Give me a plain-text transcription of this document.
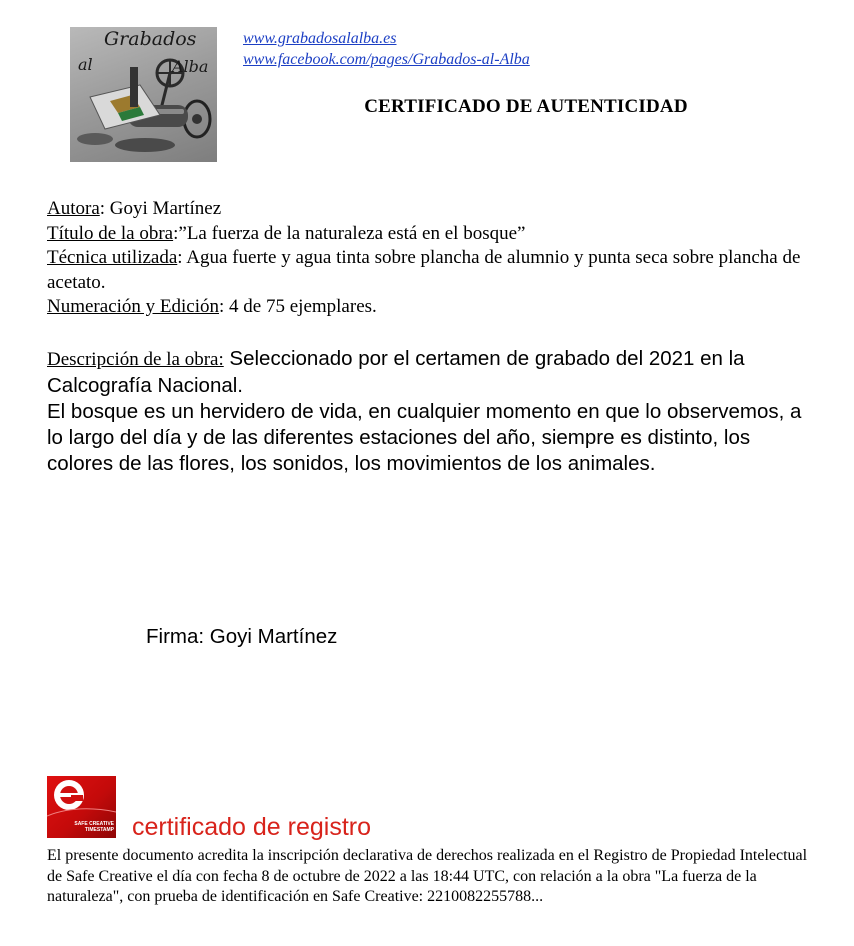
Grabados
al	Alba
www.grabadosalalba.es
www.facebook.com/pages/Grabados-al-Alba
CERTIFICADO DE AUTENTICIDAD
Autora: Goyi Martínez
Título de la obra:”La fuerza de la naturaleza está en el bosque”
Técnica utilizada: Agua fuerte y agua tinta sobre plancha de alumnio y punta seca sobre plancha de acetato.
Numeración y Edición: 4 de 75 ejemplares.
Descripción de la obra: Seleccionado por el certamen de grabado del 2021 en la Calcografía Nacional.
El bosque es un hervidero de vida, en cualquier momento en que lo observemos, a lo largo del día y de las diferentes estaciones del año, siempre es distinto, los colores de las flores, los sonidos, los movimientos de los animales.
Firma: Goyi Martínez
SAFE CREATIVE
TIMESTAMP certificado de registro
El presente documento acredita la inscripción declarativa de derechos realizada en el Registro de Propiedad Intelectual de Safe Creative el día con fecha 8 de octubre de 2022 a las 18:44 UTC, con relación a la obra "La fuerza de la naturaleza", con prueba de identificación en Safe Creative: 2210082255788...
